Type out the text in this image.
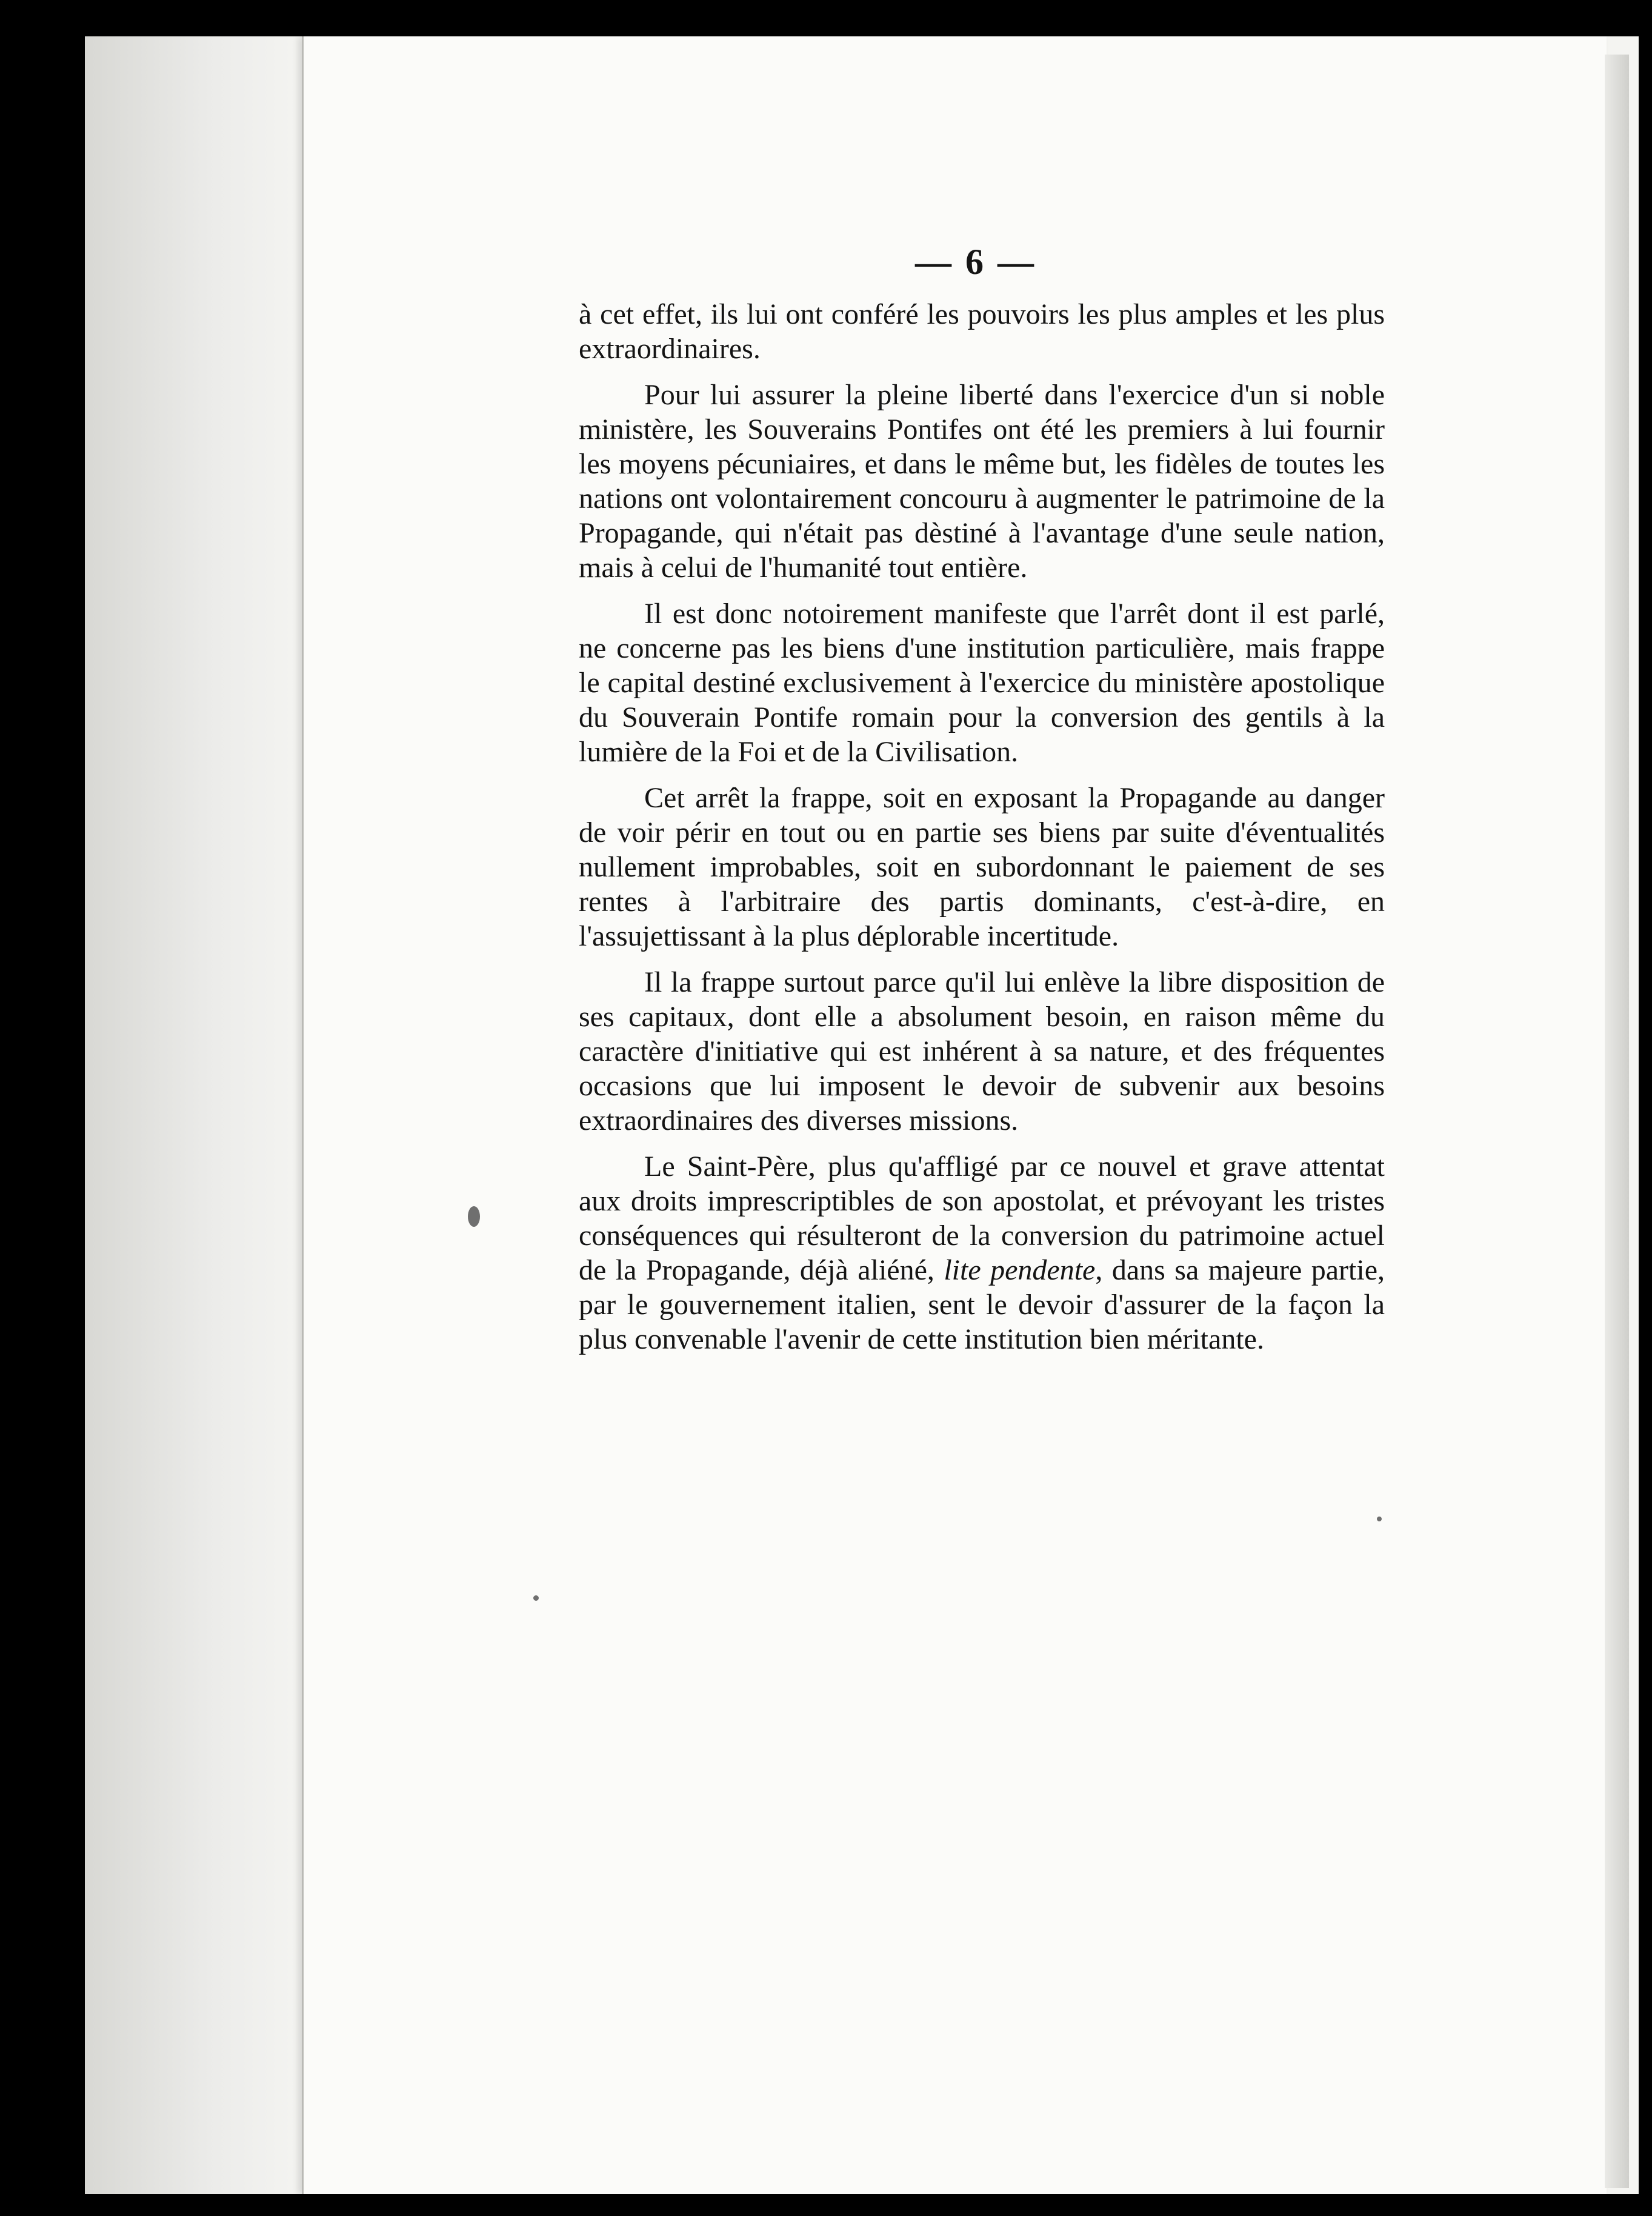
— 6 —

à cet effet, ils lui ont conféré les pouvoirs les plus amples et les plus extraordinaires.

Pour lui assurer la pleine liberté dans l'exercice d'un si noble ministère, les Souverains Pontifes ont été les premiers à lui fournir les moyens pécuniaires, et dans le même but, les fidèles de toutes les nations ont volontairement concouru à augmenter le patrimoine de la Propagande, qui n'était pas dèstiné à l'avantage d'une seule nation, mais à celui de l'humanité tout entière.

Il est donc notoirement manifeste que l'arrêt dont il est parlé, ne concerne pas les biens d'une institution particulière, mais frappe le capital destiné exclusivement à l'exercice du ministère apostolique du Souverain Pontife romain pour la conversion des gentils à la lumière de la Foi et de la Civilisation.

Cet arrêt la frappe, soit en exposant la Propagande au danger de voir périr en tout ou en partie ses biens par suite d'éventualités nullement improbables, soit en subordonnant le paiement de ses rentes à l'arbitraire des partis dominants, c'est-à-dire, en l'assujettissant à la plus déplorable incertitude.

Il la frappe surtout parce qu'il lui enlève la libre disposition de ses capitaux, dont elle a absolument besoin, en raison même du caractère d'initiative qui est inhérent à sa nature, et des fréquentes occasions que lui imposent le devoir de subvenir aux besoins extraordinaires des diverses missions.

Le Saint-Père, plus qu'affligé par ce nouvel et grave attentat aux droits imprescriptibles de son apostolat, et prévoyant les tristes conséquences qui résulteront de la conversion du patrimoine actuel de la Propagande, déjà aliéné, lite pendente, dans sa majeure partie, par le gouvernement italien, sent le devoir d'assurer de la façon la plus convenable l'avenir de cette institution bien méritante.
